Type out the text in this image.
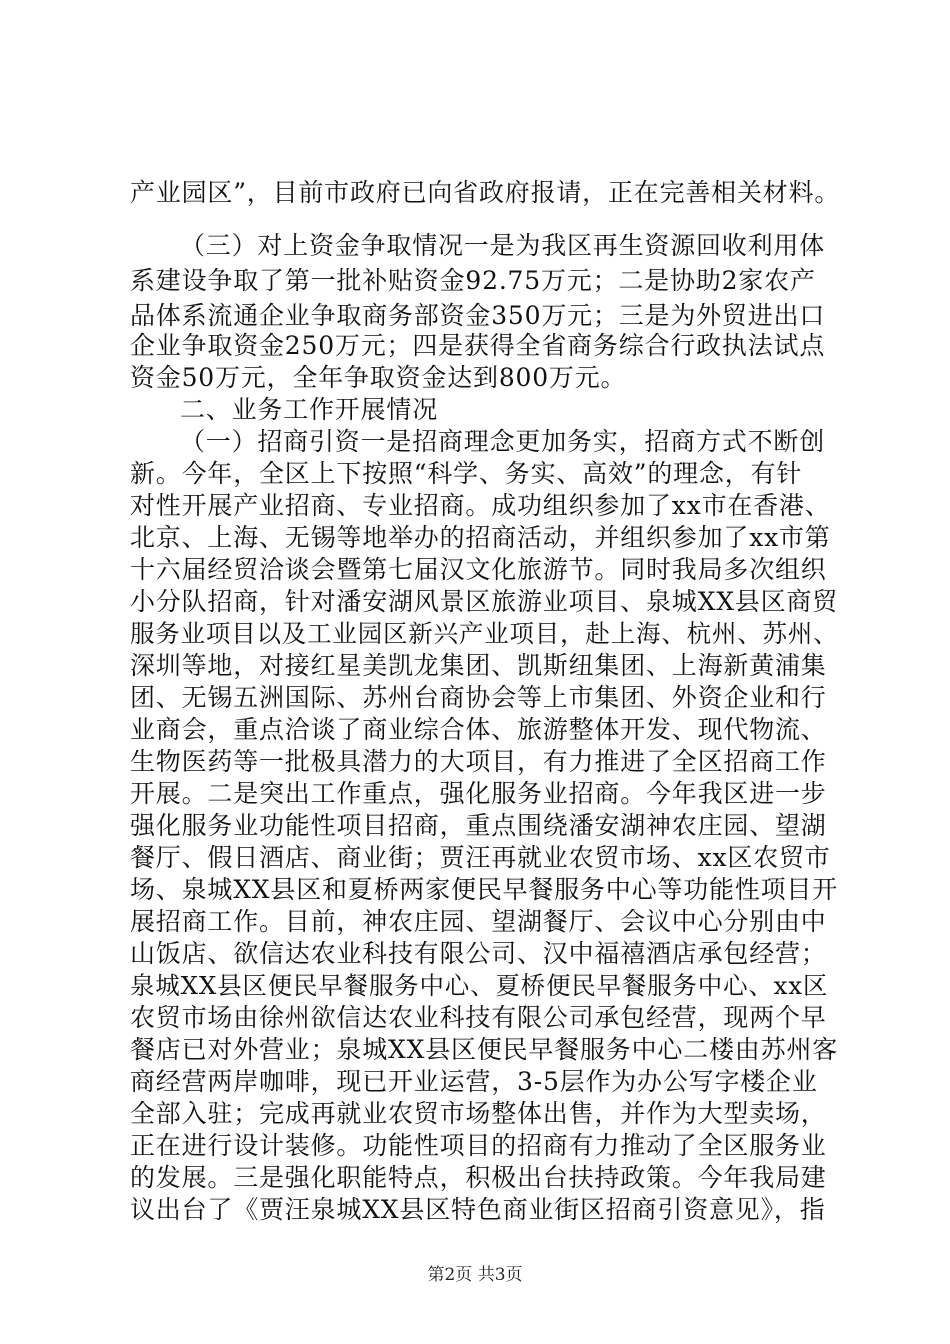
产业园区”，目前市政府已向省政府报请，正在完善相关材料。
（三）对上资金争取情况一是为我区再生资源回收利用体
系建设争取了第一批补贴资金92.75万元；二是协助2家农产
品体系流通企业争取商务部资金350万元；三是为外贸进出口
企业争取资金250万元；四是获得全省商务综合行政执法试点
资金50万元，全年争取资金达到800万元。
二、业务工作开展情况
（一）招商引资一是招商理念更加务实，招商方式不断创
新。今年，全区上下按照“科学、务实、高效”的理念，有针
对性开展产业招商、专业招商。成功组织参加了xx市在香港、
北京、上海、无锡等地举办的招商活动，并组织参加了xx市第
十六届经贸洽谈会暨第七届汉文化旅游节。同时我局多次组织
小分队招商，针对潘安湖风景区旅游业项目、泉城XX县区商贸
服务业项目以及工业园区新兴产业项目，赴上海、杭州、苏州、
深圳等地，对接红星美凯龙集团、凯斯纽集团、上海新黄浦集
团、无锡五洲国际、苏州台商协会等上市集团、外资企业和行
业商会，重点洽谈了商业综合体、旅游整体开发、现代物流、
生物医药等一批极具潜力的大项目，有力推进了全区招商工作
开展。二是突出工作重点，强化服务业招商。今年我区进一步
强化服务业功能性项目招商，重点围绕潘安湖神农庄园、望湖
餐厅、假日酒店、商业街；贾汪再就业农贸市场、xx区农贸市
场、泉城XX县区和夏桥两家便民早餐服务中心等功能性项目开
展招商工作。目前，神农庄园、望湖餐厅、会议中心分别由中
山饭店、欲信达农业科技有限公司、汉中福禧酒店承包经营；
泉城XX县区便民早餐服务中心、夏桥便民早餐服务中心、xx区
农贸市场由徐州欲信达农业科技有限公司承包经营，现两个早
餐店已对外营业；泉城XX县区便民早餐服务中心二楼由苏州客
商经营两岸咖啡，现已开业运营，3-5层作为办公写字楼企业
全部入驻；完成再就业农贸市场整体出售，并作为大型卖场，
正在进行设计装修。功能性项目的招商有力推动了全区服务业
的发展。三是强化职能特点，积极出台扶持政策。今年我局建
议出台了《贾汪泉城XX县区特色商业街区招商引资意见》，指
第2页 共3页
